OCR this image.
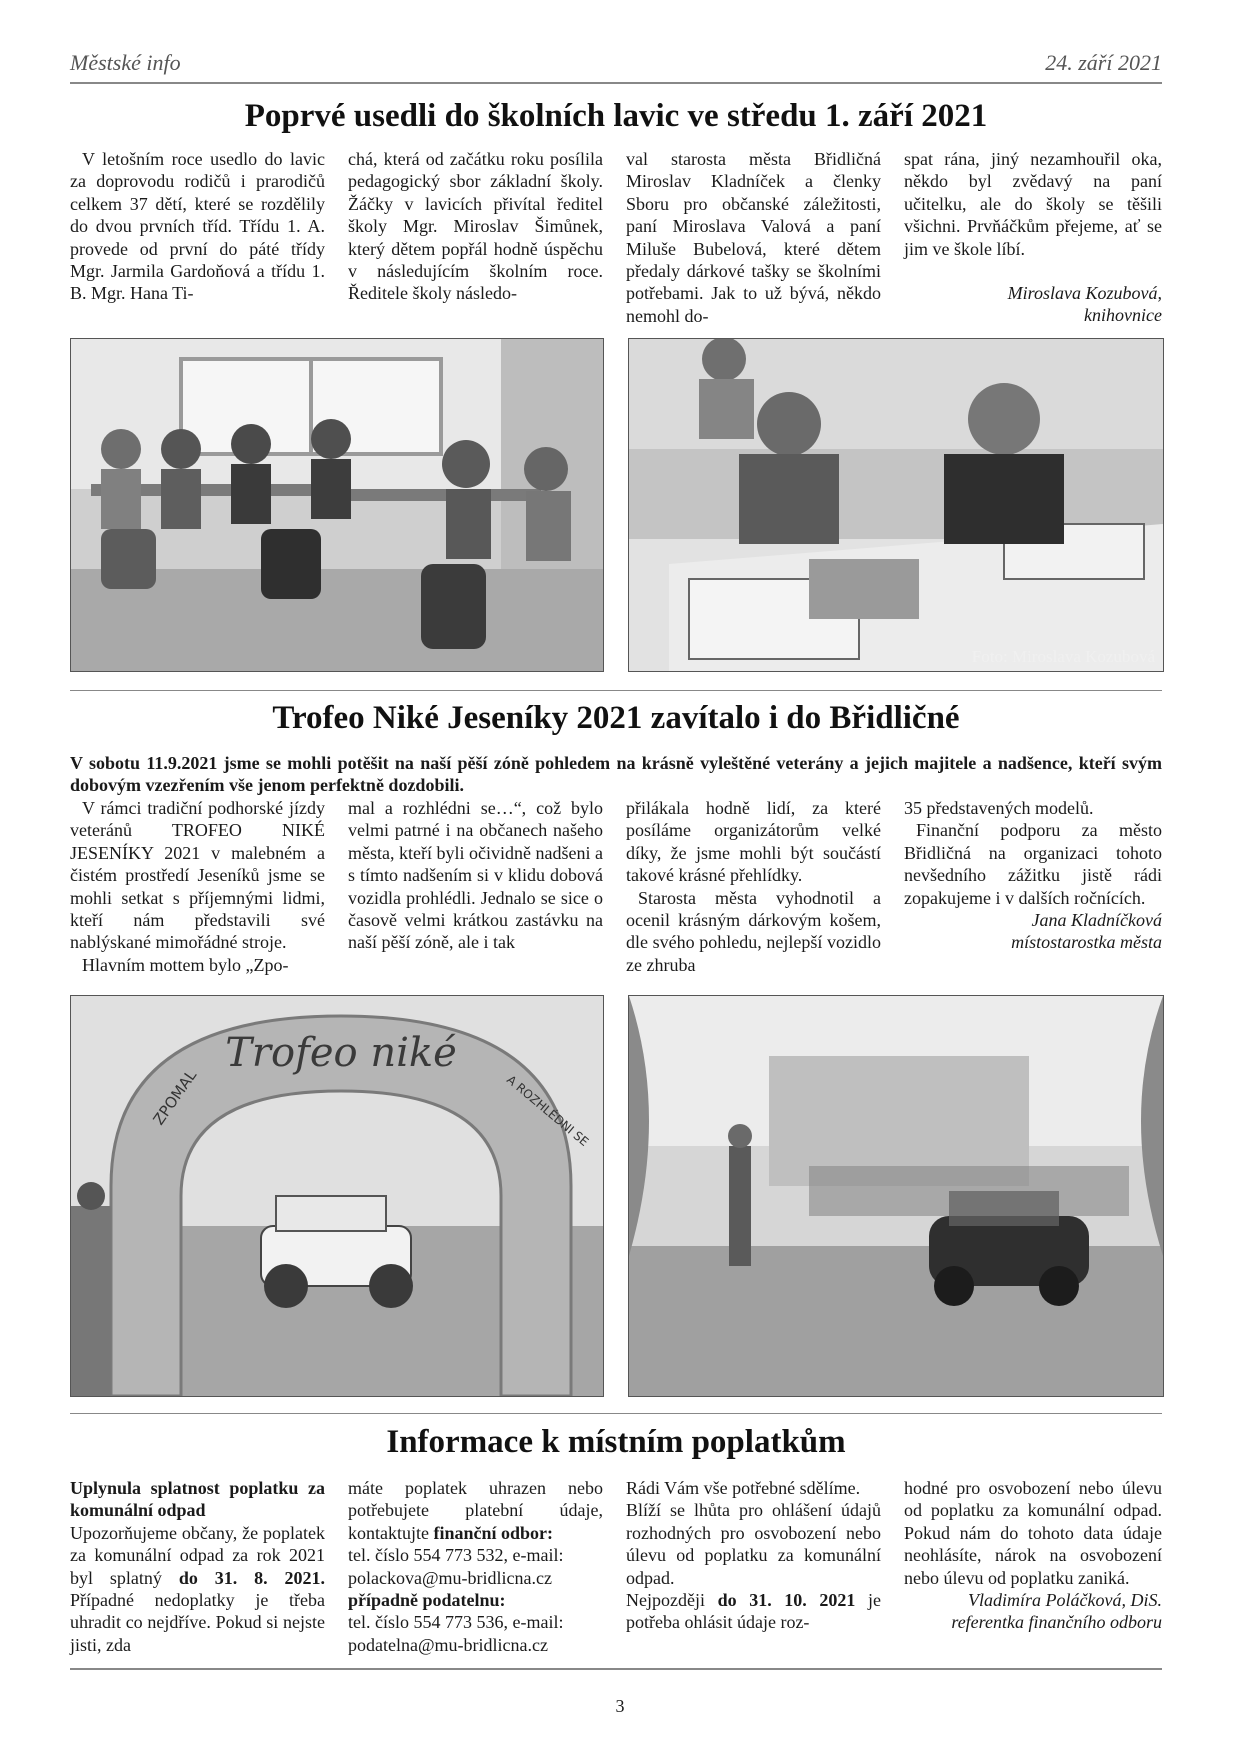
Městské info	24. září 2021
Poprvé usedli do školních lavic ve středu 1. září 2021

V letošním roce usedlo do lavic za doprovodu rodičů i prarodičů celkem 37 dětí, které se rozdělily do dvou prvních tříd. Třídu 1. A. provede od první do páté třídy Mgr. Jarmila Gardoňová a třídu 1. B. Mgr. Hana Ti-

chá, která od začátku roku posílila pedagogický sbor základní školy. Žáčky v lavicích přivítal ředitel školy Mgr. Miroslav Šimůnek, který dětem popřál hodně úspěchu v následujícím školním roce. Ředitele školy následo-

val starosta města Břidličná Miroslav Kladníček a členky Sboru pro občanské záležitosti, paní Miroslava Valová a paní Miluše Bubelová, které dětem předaly dárkové tašky se školními potřebami. Jak to už bývá, někdo nemohl do-

spat rána, jiný nezamhouřil oka, někdo byl zvědavý na paní učitelku, ale do školy se těšili všichni. Prvňáčkům přejeme, ať se jim ve škole líbí.

Miroslava Kozubová,

knihovnice

Foto: Miroslava Kozubová
Trofeo Niké Jeseníky 2021 zavítalo i do Břidličné

V sobotu 11.9.2021 jsme se mohli potěšit na naší pěší zóně pohledem na krásně vyleštěné veterány a jejich majitele a nadšence, kteří svým dobovým vzezřením vše jenom perfektně dozdobili.

V rámci tradiční podhorské jízdy veteránů TROFEO NIKÉ JESENÍKY 2021 v malebném a čistém prostředí Jeseníků jsme se mohli setkat s příjemnými lidmi, kteří nám představili své nablýskané mimořádné stroje.

Hlavním mottem bylo „Zpo-

mal a rozhlédni se…“, což bylo velmi patrné i na občanech našeho města, kteří byli očividně nadšeni a s tímto nadšením si v klidu dobová vozidla prohlédli. Jednalo se sice o časově velmi krátkou zastávku na naší pěší zóně, ale i tak

přilákala hodně lidí, za které posíláme organizátorům velké díky, že jsme mohli být součástí takové krásné přehlídky.

Starosta města vyhodnotil a ocenil krásným dárkovým košem, dle svého pohledu, nejlepší vozidlo ze zhruba

35 představených modelů.

Finanční podporu za město Břidličná na organizaci tohoto nevšedního zážitku jistě rádi zopakujeme i v dalších ročnících.

Jana Kladníčková

místostarostka města

Trofeo niké
ZPOMAL	A ROZHLÉDNI SE
Informace k místním poplatkům

Uplynula splatnost poplatku za komunální odpad

Upozorňujeme občany, že poplatek za komunální odpad za rok 2021 byl splatný do 31. 8. 2021. Případné nedoplatky je třeba uhradit co nejdříve. Pokud si nejste jisti, zda

máte poplatek uhrazen nebo potřebujete platební údaje, kontaktujte finanční odbor:

tel. číslo 554 773 532, e-mail: polackova@mu-bridlicna.cz

případně podatelnu:

tel. číslo 554 773 536, e-mail: podatelna@mu-bridlicna.cz

Rádi Vám vše potřebné sdělíme.

Blíží se lhůta pro ohlášení údajů rozhodných pro osvobození nebo úlevu od poplatku za komunální odpad.

Nejpozději do 31. 10. 2021 je potřeba ohlásit údaje roz-

hodné pro osvobození nebo úlevu od poplatku za komunální odpad. Pokud nám do tohoto data údaje neohlásíte, nárok na osvobození nebo úlevu od poplatku zaniká.

Vladimíra Poláčková, DiS.

referentka finančního odboru

3
